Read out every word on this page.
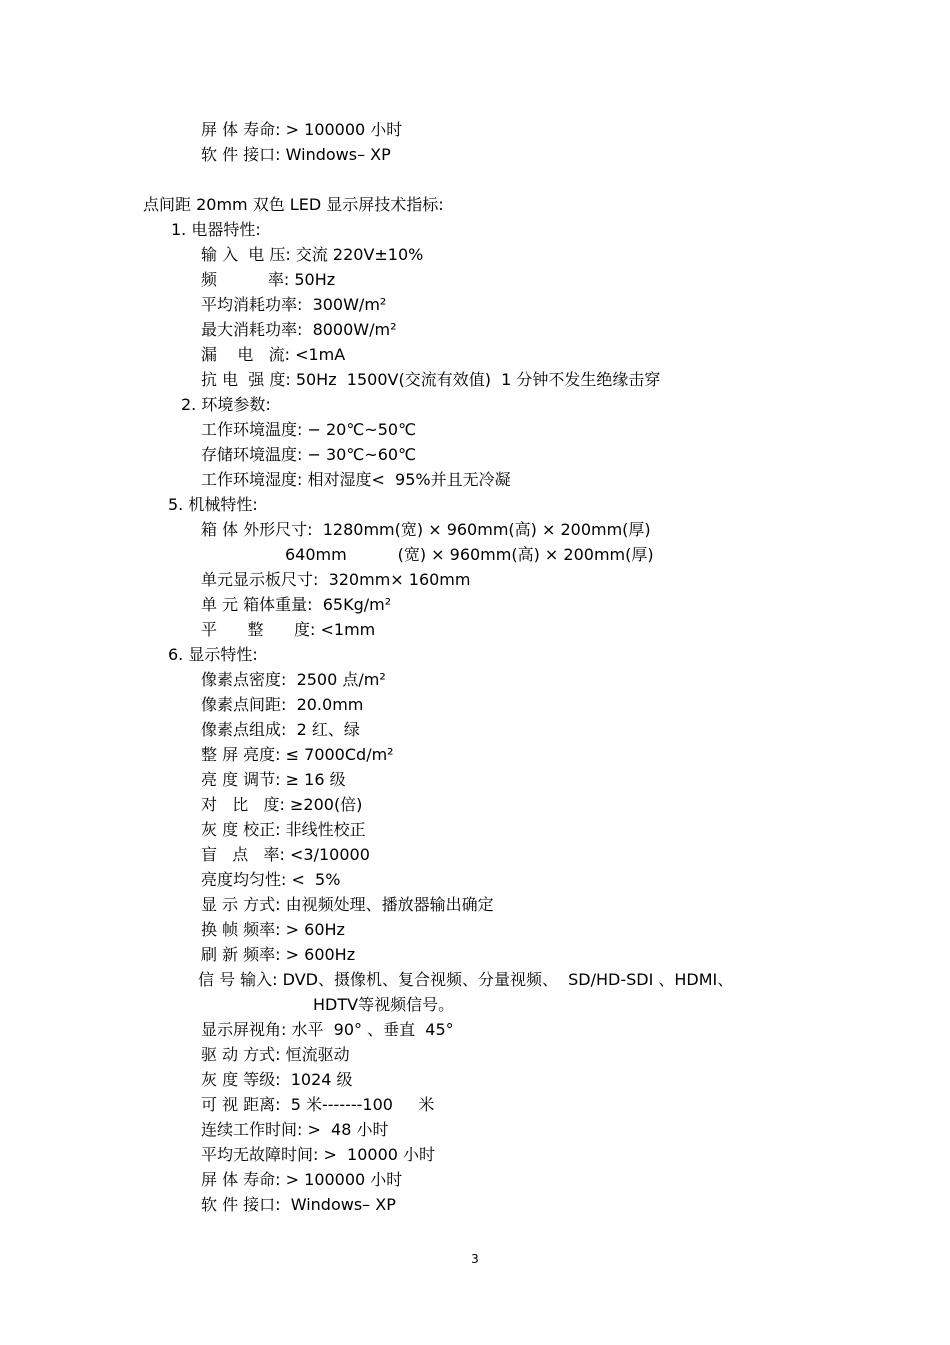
屏 体 寿命: > 100000 小时
软 件 接口: Windows– XP
点间距 20mm 双色 LED 显示屏技术指标:
1. 电器特性:
输 入  电 压: 交流 220V±10%
频          率: 50Hz
平均消耗功率:  300W/m²
最大消耗功率:  8000W/m²
漏    电   流: <1mA
抗 电  强 度: 50Hz  1500V(交流有效值)  1 分钟不发生绝缘击穿
2. 环境参数:
工作环境温度: − 20℃~50℃
存储环境温度: − 30℃~60℃
工作环境湿度: 相对湿度<  95%并且无冷凝
5. 机械特性:
箱 体 外形尺寸:  1280mm(宽) × 960mm(高) × 200mm(厚)
640mm          (宽) × 960mm(高) × 200mm(厚)
单元显示板尺寸:  320mm× 160mm
单 元 箱体重量:  65Kg/m²
平      整      度: <1mm
6. 显示特性:
像素点密度:  2500 点/m²
像素点间距:  20.0mm
像素点组成:  2 红、绿
整 屏 亮度: ≤ 7000Cd/m²
亮 度 调节: ≥ 16 级
对   比   度: ≥200(倍)
灰 度 校正: 非线性校正
盲   点   率: <3/10000
亮度均匀性: <  5%
显 示 方式: 由视频处理、播放器输出确定
换 帧 频率: > 60Hz
刷 新 频率: > 600Hz
信 号 输入: DVD、摄像机、复合视频、分量视频、  SD/HD-SDI 、HDMI、
HDTV等视频信号。
显示屏视角: 水平  90° 、垂直  45°
驱 动 方式: 恒流驱动
灰 度 等级:  1024 级
可 视 距离:  5 米-------100     米
连续工作时间: >  48 小时
平均无故障时间: >  10000 小时
屏 体 寿命: > 100000 小时
软 件 接口:  Windows– XP
3
